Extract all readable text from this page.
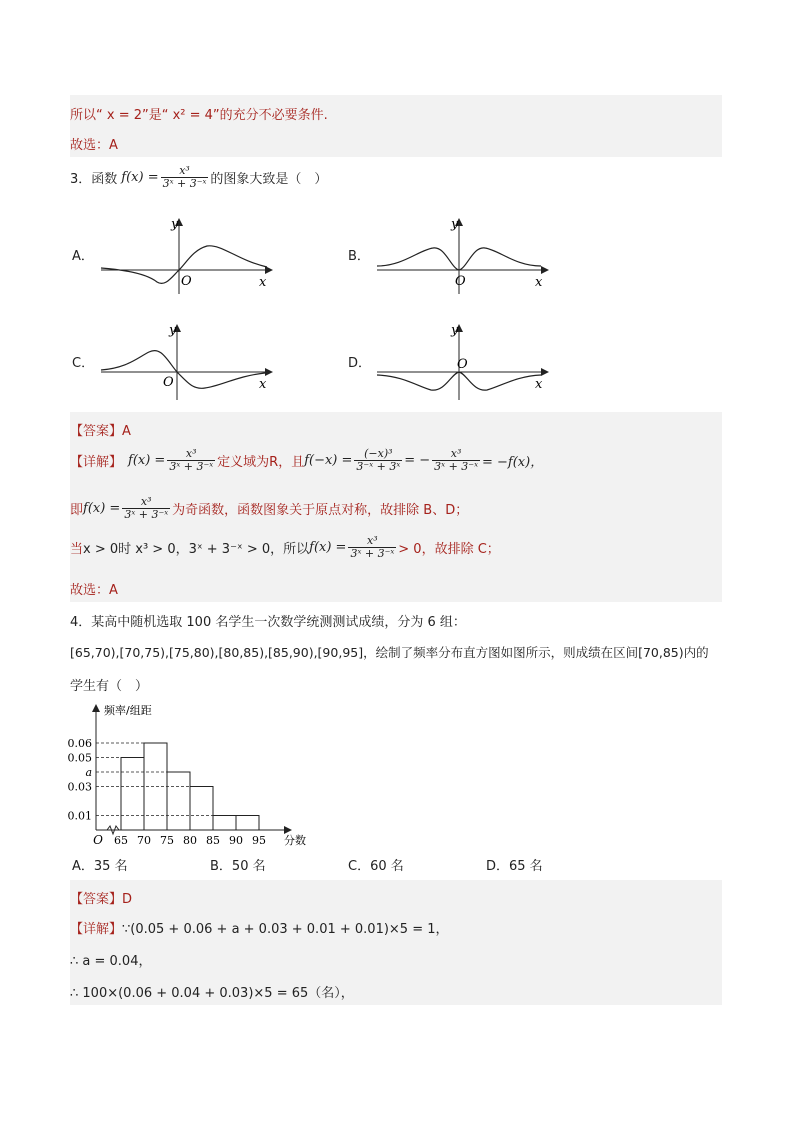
所以“ x = 2”是“ x² = 4”的充分不必要条件.
故选：A
3．函数 $f(x) = \frac{\text{x³}}{\text{3ˣ + 3⁻ˣ}}$ 的图象大致是（　）
A．
y
x
O
B．
y
x
O
C．
y
x
O
D．
y
x
O
【答案】A
【详解】 $f(x) = \frac{\text{x³}}{\text{3ˣ + 3⁻ˣ}}$ 定义域为R，且 $f(-x) = \frac{\text{(−x)³}}{\text{3⁻ˣ + 3ˣ}}$ = − $\frac{\text{x³}}{\text{3ˣ + 3⁻ˣ}} = -f(x)$，
即 $f(x) = \frac{\text{x³}}{\text{3ˣ + 3⁻ˣ}}$ 为奇函数，函数图象关于原点对称，故排除 B、D；
当 x > 0时 x³ > 0，3ˣ + 3⁻ˣ > 0，所以 $f(x) = \frac{\text{x³}}{\text{3ˣ + 3⁻ˣ}} > 0$，故排除 C；
故选：A
4．某高中随机选取 100 名学生一次数学统测测试成绩，分为 6 组：
[65,70),[70,75),[75,80),[80,85),[85,90),[90,95]，绘制了频率分布直方图如图所示，则成绩在区间[70,85)内的
学生有（　）
0.06
0.05
a
0.03
0.01
65 70 75 80 85 90 95
O
频率/组距
分数
A．35 名	B．50 名	C．60 名	D．65 名
【答案】D
【详解】∵(0.05 + 0.06 + a + 0.03 + 0.01 + 0.01)×5 = 1，
∴ a = 0.04，
∴ 100×(0.06 + 0.04 + 0.03)×5 = 65（名），
